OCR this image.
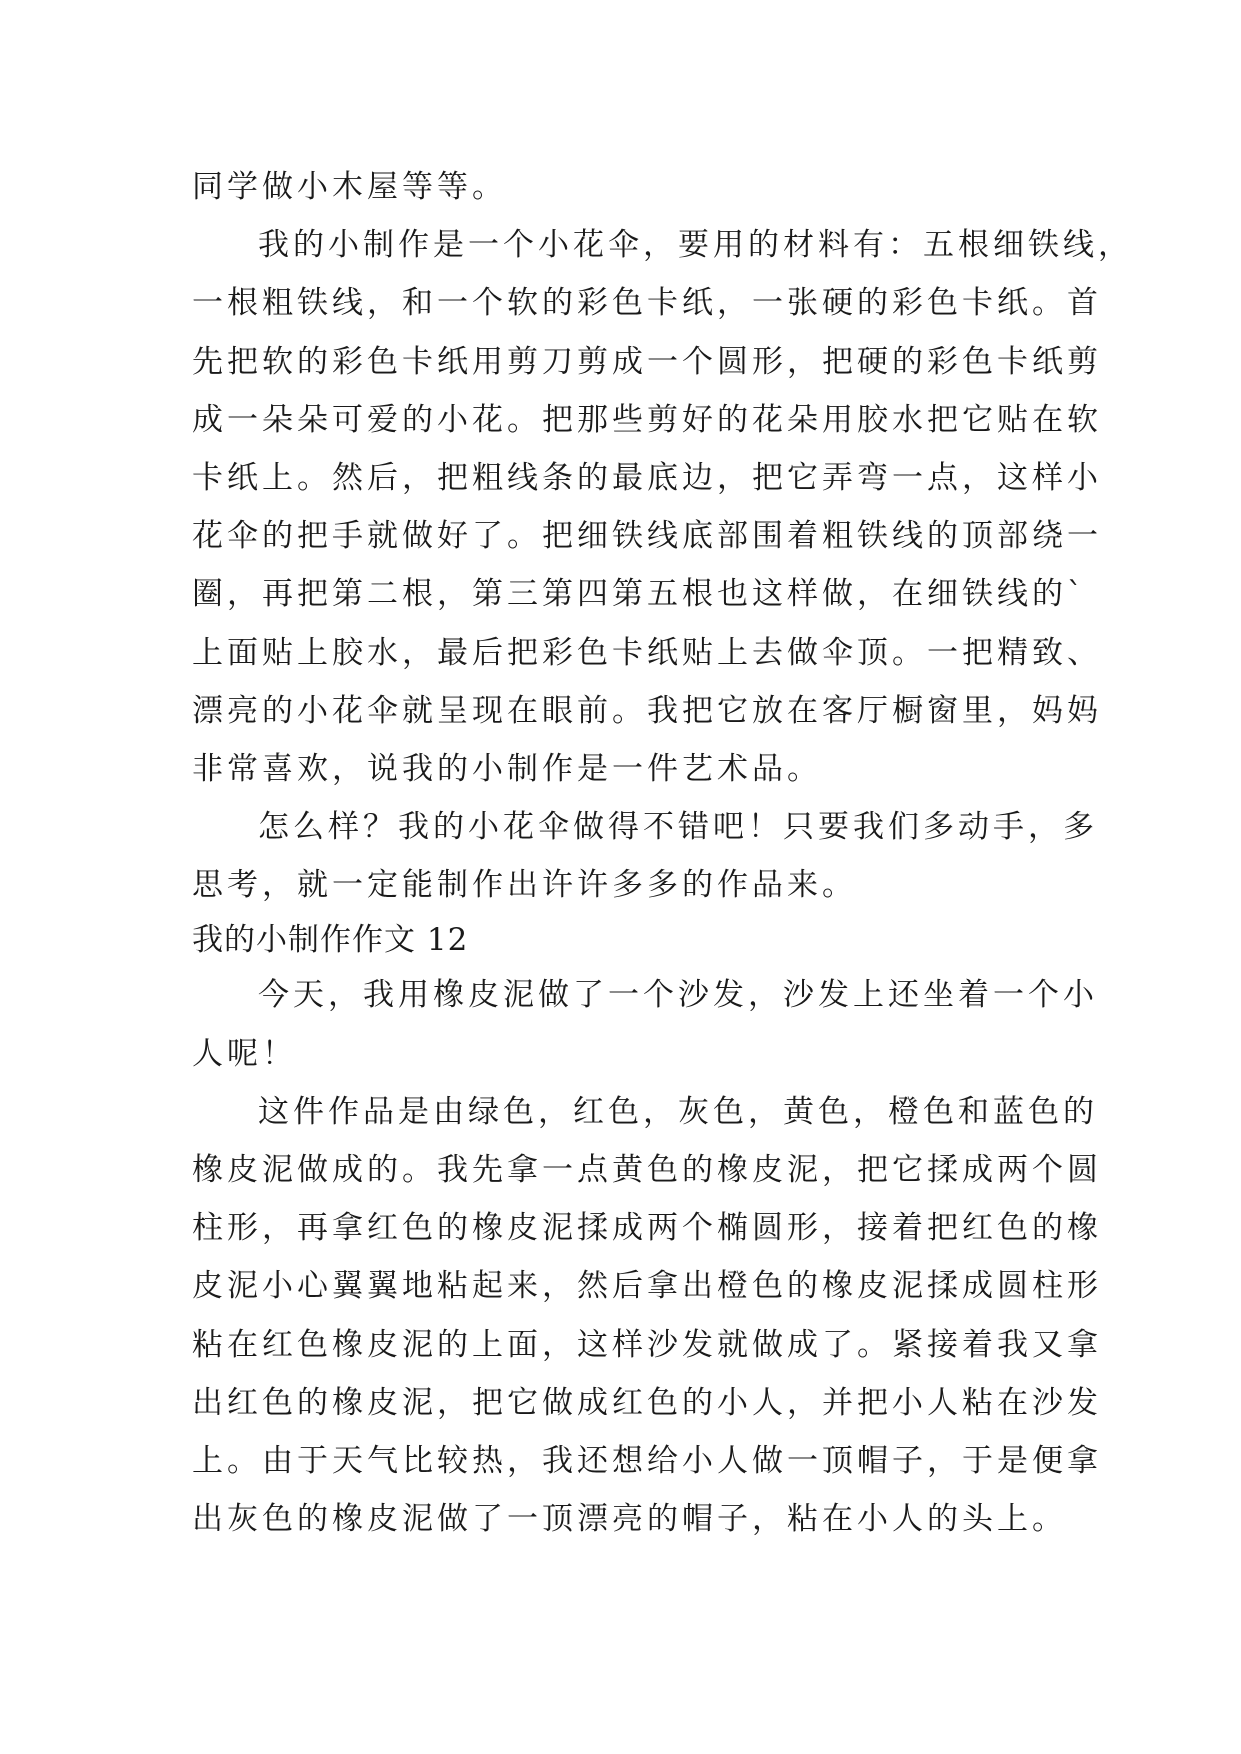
同学做小木屋等等。
我的小制作是一个小花伞，要用的材料有：五根细铁线，
一根粗铁线，和一个软的彩色卡纸，一张硬的彩色卡纸。首
先把软的彩色卡纸用剪刀剪成一个圆形，把硬的彩色卡纸剪
成一朵朵可爱的小花。把那些剪好的花朵用胶水把它贴在软
卡纸上。然后，把粗线条的最底边，把它弄弯一点，这样小
花伞的把手就做好了。把细铁线底部围着粗铁线的顶部绕一
圈，再把第二根，第三第四第五根也这样做，在细铁线的`
上面贴上胶水，最后把彩色卡纸贴上去做伞顶。一把精致、
漂亮的小花伞就呈现在眼前。我把它放在客厅橱窗里，妈妈
非常喜欢，说我的小制作是一件艺术品。
怎么样？我的小花伞做得不错吧！只要我们多动手，多
思考，就一定能制作出许许多多的作品来。
我的小制作作文 12
今天，我用橡皮泥做了一个沙发，沙发上还坐着一个小
人呢！
这件作品是由绿色，红色，灰色，黄色，橙色和蓝色的
橡皮泥做成的。我先拿一点黄色的橡皮泥，把它揉成两个圆
柱形，再拿红色的橡皮泥揉成两个椭圆形，接着把红色的橡
皮泥小心翼翼地粘起来，然后拿出橙色的橡皮泥揉成圆柱形
粘在红色橡皮泥的上面，这样沙发就做成了。紧接着我又拿
出红色的橡皮泥，把它做成红色的小人，并把小人粘在沙发
上。由于天气比较热，我还想给小人做一顶帽子，于是便拿
出灰色的橡皮泥做了一顶漂亮的帽子，粘在小人的头上。
